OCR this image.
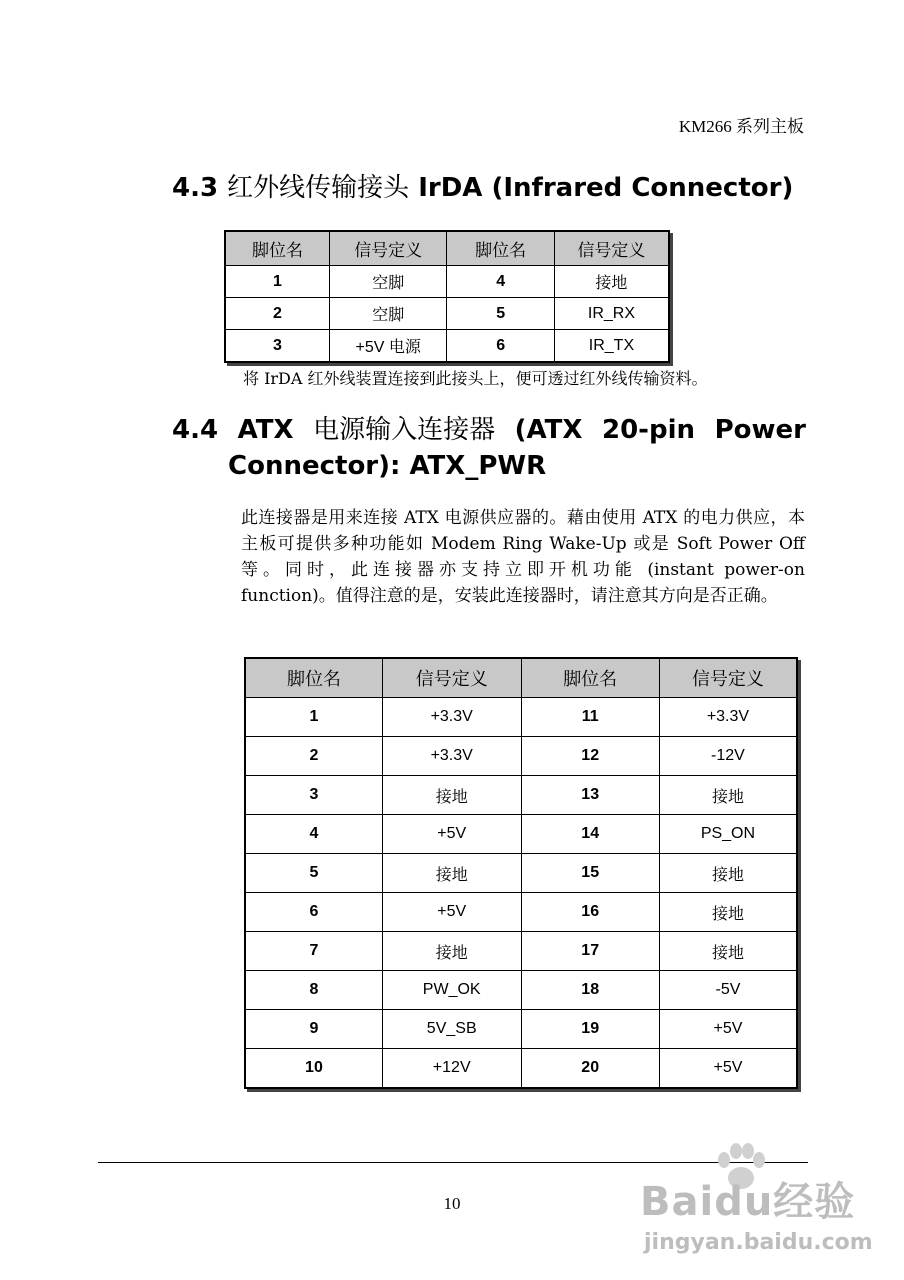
KM266 系列主板
4.3 红外线传输接头 IrDA (Infrared Connector)
脚位名	信号定义	脚位名	信号定义
1	空脚	4	接地
2	空脚	5	IR_RX
3	+5V 电源	6	IR_TX
将 IrDA 红外线装置连接到此接头上，便可透过红外线传输资料。
4.4 ATX 电源输入连接器 (ATX 20-pin Power
Connector): ATX_PWR
此连接器是用来连接 ATX 电源供应器的。藉由使用 ATX 的电力供应，本主板可提供多种功能如 Modem Ring Wake-Up 或是 Soft Power Off 等。同时，此连接器亦支持立即开机功能 (instant power-on function)。值得注意的是，安装此连接器时，请注意其方向是否正确。
脚位名	信号定义	脚位名	信号定义
1	+3.3V	11	+3.3V
2	+3.3V	12	-12V
3	接地	13	接地
4	+5V	14	PS_ON
5	接地	15	接地
6	+5V	16	接地
7	接地	17	接地
8	PW_OK	18	-5V
9	5V_SB	19	+5V
10	+12V	20	+5V
10	Baidu经验
jingyan.baidu.com
